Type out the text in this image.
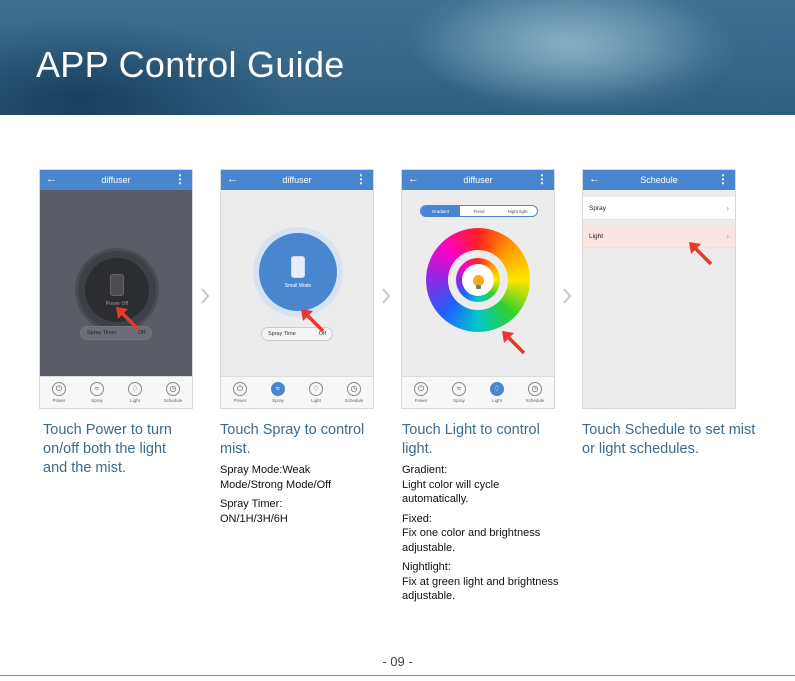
APP Control Guide
←	diffuser	⋮
Power Off
Spray Timer	Off
⏻
Power
≈
Spray
♢
Light
◷
Schedule
←	diffuser	⋮
Small Mode
Spray Time	Off
⏻
Power
≈
Spray
♢
Light
◷
Schedule
←	diffuser	⋮
Gradient	Fixed	Night light
⏻
Power
≈
Spray
♢
Light
◷
Schedule
←	Schedule	⋮
Spray	›
Light	›
Touch Power to turn on/off both the light and the mist.
Touch Spray to control mist.
Touch Light to control light.
Touch Schedule to set mist or light schedules.
Spray Mode:Weak
Mode/Strong Mode/Off
Spray Timer:
ON/1H/3H/6H
Gradient:
Light color will cycle automatically.
Fixed:
Fix one color and brightness adjustable.
Nightlight:
Fix at green light and brightness adjustable.
- 09 -
